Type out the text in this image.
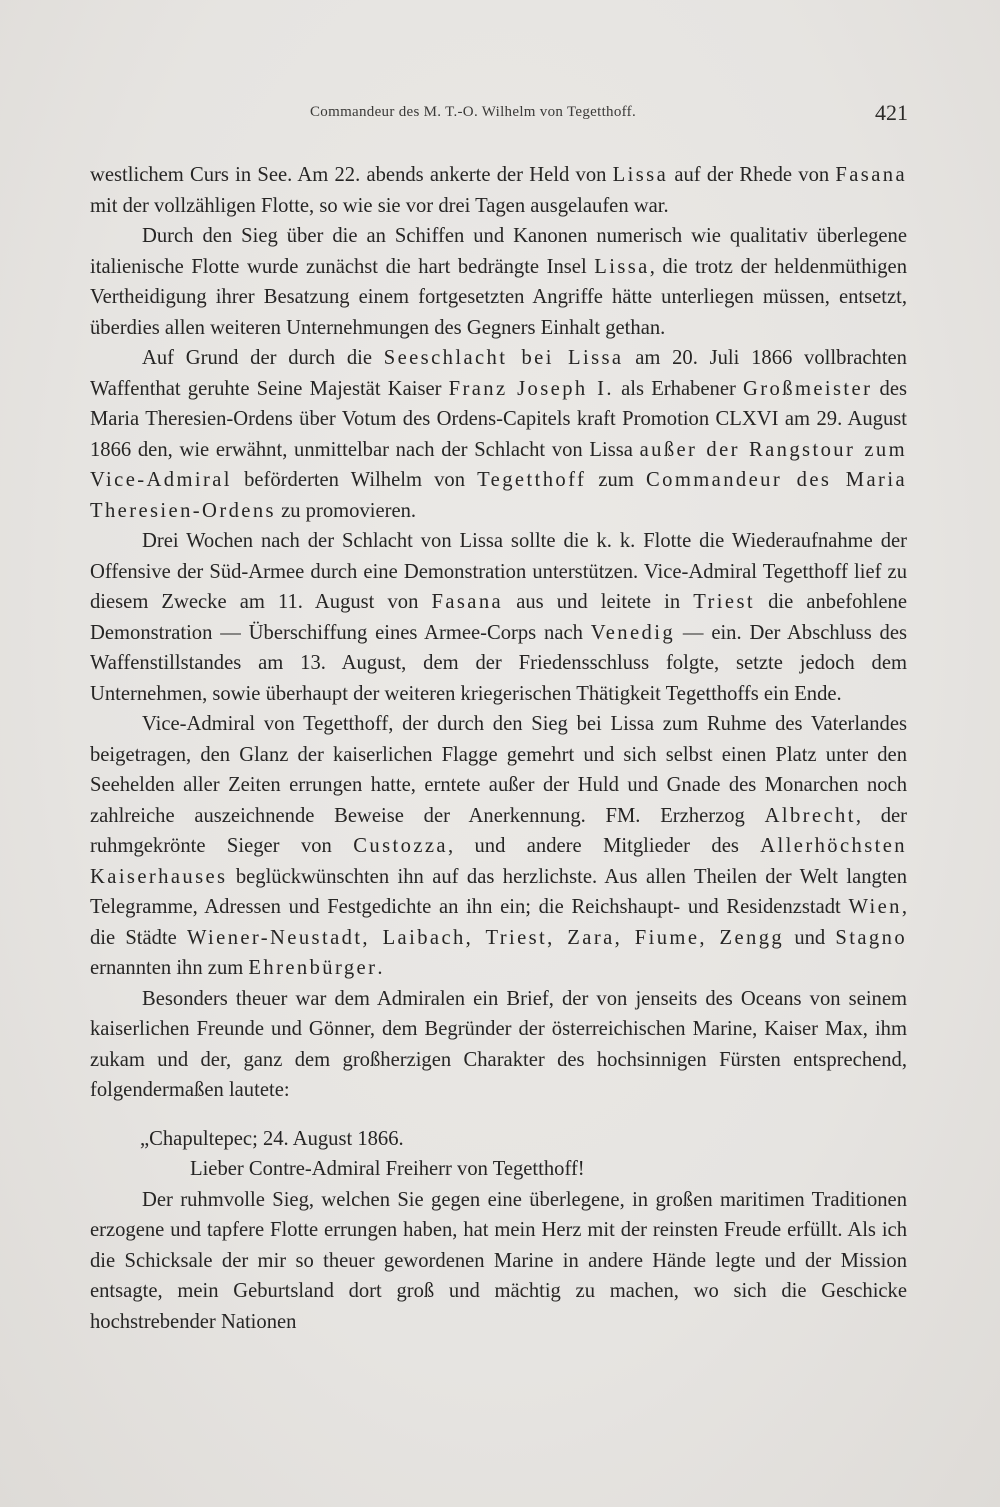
Commandeur des M. T.-O. Wilhelm von Tegetthoff.	421

westlichem Curs in See. Am 22. abends ankerte der Held von Lissa auf der Rhede von Fasana mit der vollzähligen Flotte, so wie sie vor drei Tagen ausgelaufen war.

Durch den Sieg über die an Schiffen und Kanonen numerisch wie qualitativ überlegene italienische Flotte wurde zunächst die hart bedrängte Insel Lissa, die trotz der heldenmüthigen Vertheidigung ihrer Besatzung einem fortgesetzten Angriffe hätte unterliegen müssen, entsetzt, überdies allen weiteren Unternehmungen des Gegners Einhalt gethan.

Auf Grund der durch die Seeschlacht bei Lissa am 20. Juli 1866 vollbrachten Waffenthat geruhte Seine Majestät Kaiser Franz Joseph I. als Erhabener Großmeister des Maria Theresien-Ordens über Votum des Ordens-Capitels kraft Promotion CLXVI am 29. August 1866 den, wie erwähnt, unmittelbar nach der Schlacht von Lissa außer der Rangstour zum Vice-Admiral beförderten Wilhelm von Tegetthoff zum Commandeur des Maria Theresien-Ordens zu promovieren.

Drei Wochen nach der Schlacht von Lissa sollte die k. k. Flotte die Wiederaufnahme der Offensive der Süd-Armee durch eine Demonstration unterstützen. Vice-Admiral Tegetthoff lief zu diesem Zwecke am 11. August von Fasana aus und leitete in Triest die anbefohlene Demonstration — Überschiffung eines Armee-Corps nach Venedig — ein. Der Abschluss des Waffenstillstandes am 13. August, dem der Friedensschluss folgte, setzte jedoch dem Unternehmen, sowie überhaupt der weiteren kriegerischen Thätigkeit Tegetthoffs ein Ende.

Vice-Admiral von Tegetthoff, der durch den Sieg bei Lissa zum Ruhme des Vaterlandes beigetragen, den Glanz der kaiserlichen Flagge gemehrt und sich selbst einen Platz unter den Seehelden aller Zeiten errungen hatte, erntete außer der Huld und Gnade des Monarchen noch zahlreiche auszeichnende Beweise der Anerkennung. FM. Erzherzog Albrecht, der ruhmgekrönte Sieger von Custozza, und andere Mitglieder des Allerhöchsten Kaiserhauses beglückwünschten ihn auf das herzlichste. Aus allen Theilen der Welt langten Telegramme, Adressen und Festgedichte an ihn ein; die Reichshaupt- und Residenzstadt Wien, die Städte Wiener-Neustadt, Laibach, Triest, Zara, Fiume, Zengg und Stagno ernannten ihn zum Ehrenbürger.

Besonders theuer war dem Admiralen ein Brief, der von jenseits des Oceans von seinem kaiserlichen Freunde und Gönner, dem Begründer der österreichischen Marine, Kaiser Max, ihm zukam und der, ganz dem großherzigen Charakter des hochsinnigen Fürsten entsprechend, folgendermaßen lautete:

„Chapultepec; 24. August 1866.

Lieber Contre-Admiral Freiherr von Tegetthoff!

Der ruhmvolle Sieg, welchen Sie gegen eine überlegene, in großen maritimen Traditionen erzogene und tapfere Flotte errungen haben, hat mein Herz mit der reinsten Freude erfüllt. Als ich die Schicksale der mir so theuer gewordenen Marine in andere Hände legte und der Mission entsagte, mein Geburtsland dort groß und mächtig zu machen, wo sich die Geschicke hochstrebender Nationen
